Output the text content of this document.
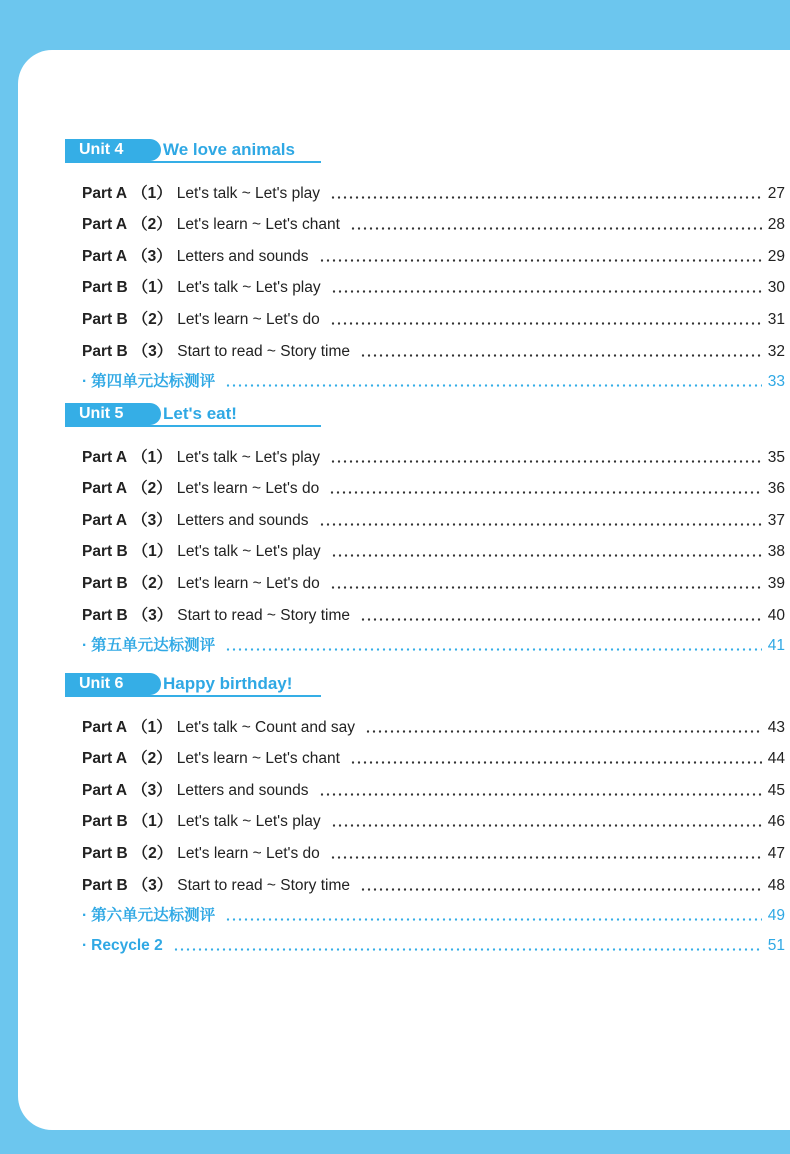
Unit 4	We love animals
Part A （1） Let's talk ~ Let's play	27
Part A （2） Let's learn ~ Let's chant	28
Part A （3） Letters and sounds	29
Part B （1） Let's talk ~ Let's play	30
Part B （2） Let's learn ~ Let's do	31
Part B （3） Start to read ~ Story time	32
· 第四单元达标测评	33
Unit 5	Let's eat!
Part A （1） Let's talk ~ Let's play	35
Part A （2） Let's learn ~ Let's do	36
Part A （3） Letters and sounds	37
Part B （1） Let's talk ~ Let's play	38
Part B （2） Let's learn ~ Let's do	39
Part B （3） Start to read ~ Story time	40
· 第五单元达标测评	41
Unit 6	Happy birthday!
Part A （1） Let's talk ~ Count and say	43
Part A （2） Let's learn ~ Let's chant	44
Part A （3） Letters and sounds	45
Part B （1） Let's talk ~ Let's play	46
Part B （2） Let's learn ~ Let's do	47
Part B （3） Start to read ~ Story time	48
· 第六单元达标测评	49
· Recycle 2	51
